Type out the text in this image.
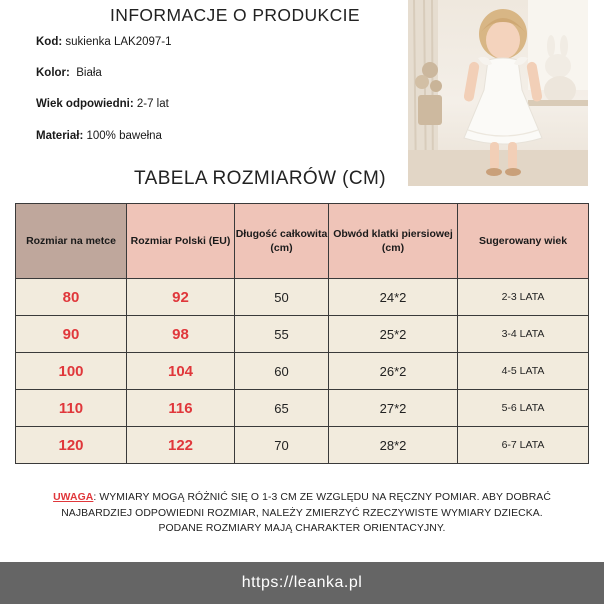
INFORMACJE O PRODUKCIE
Kod: sukienka LAK2097-1
Kolor:  Biała
Wiek odpowiedni: 2-7 lat
Materiał: 100% bawełna
TABELA ROZMIARÓW (CM)
Rozmiar na metce	Rozmiar Polski (EU)	Długość całkowita (cm)	Obwód klatki piersiowej (cm)	Sugerowany wiek
80	92	50	24*2	2-3 LATA
90	98	55	25*2	3-4 LATA
100	104	60	26*2	4-5 LATA
110	116	65	27*2	5-6 LATA
120	122	70	28*2	6-7 LATA
UWAGA: WYMIARY MOGĄ RÓŻNIĆ SIĘ O 1-3 CM ZE WZGLĘDU NA RĘCZNY POMIAR. ABY DOBRAĆ
NAJBARDZIEJ ODPOWIEDNI ROZMIAR, NALEŻY ZMIERZYĆ RZECZYWISTE WYMIARY DZIECKA.
PODANE ROZMIARY MAJĄ CHARAKTER ORIENTACYJNY.
https://leanka.pl
